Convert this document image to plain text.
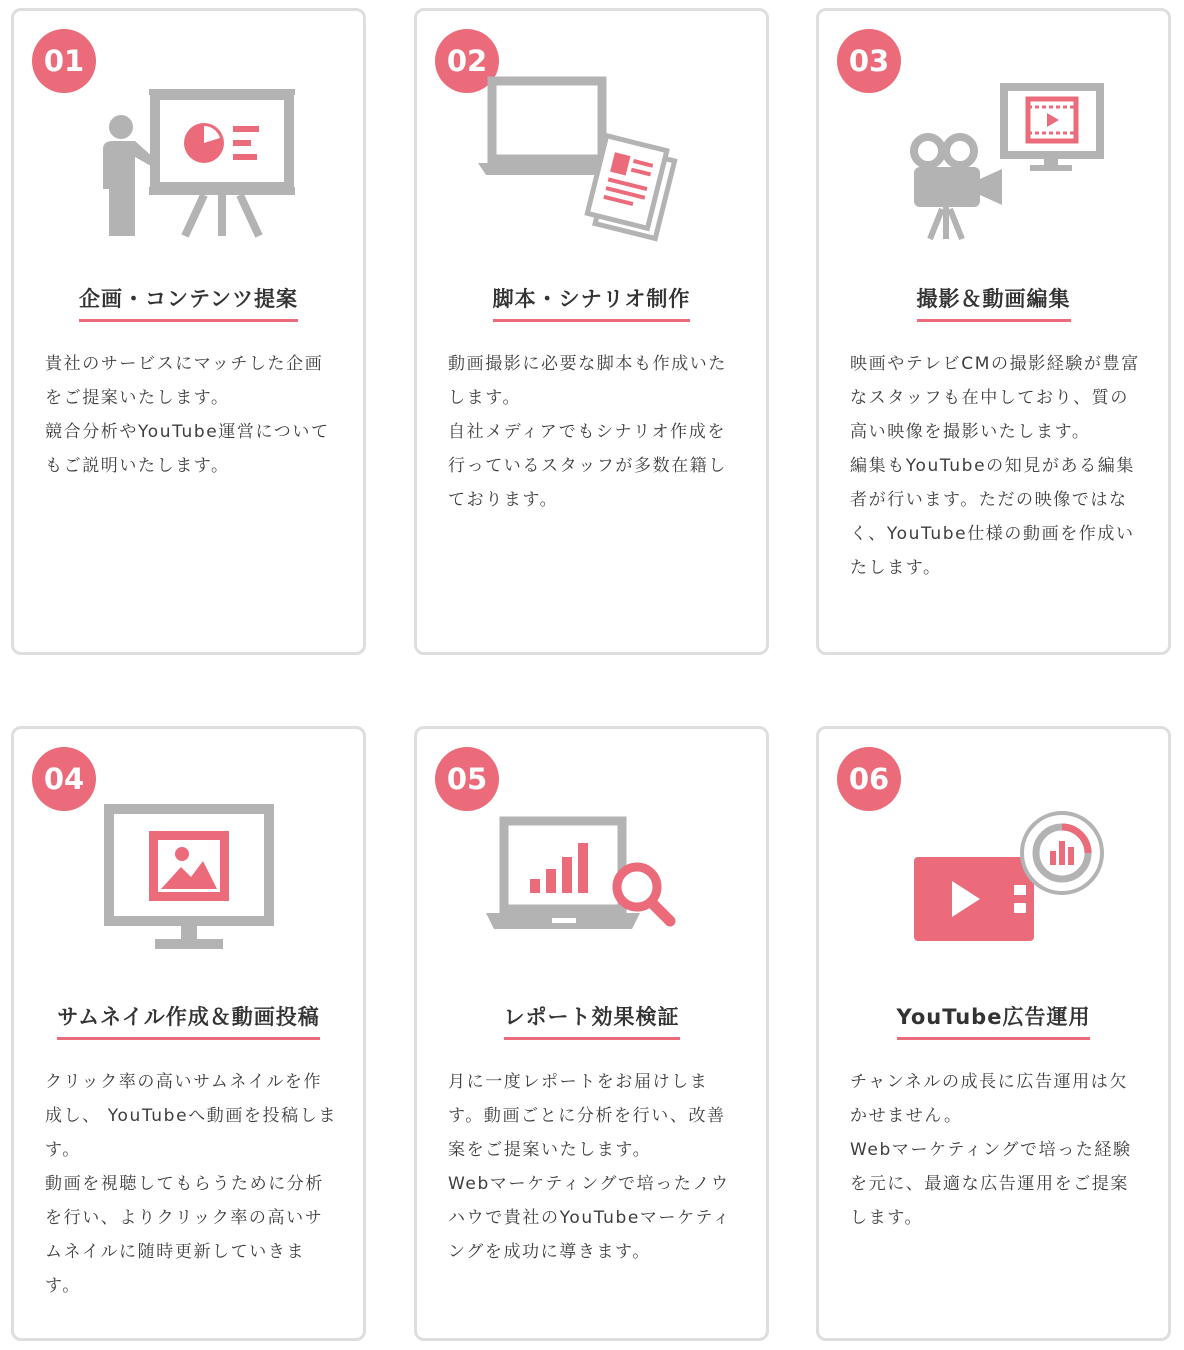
01
企画・コンテンツ提案

貴社のサービスにマッチした企画をご提案いたします。

競合分析やYouTube運営についてもご説明いたします。

02
脚本・シナリオ制作

動画撮影に必要な脚本も作成いたします。

自社メディアでもシナリオ作成を行っているスタッフが多数在籍しております。

03
撮影＆動画編集

映画やテレビCMの撮影経験が豊富なスタッフも在中しており、質の高い映像を撮影いたします。

編集もYouTubeの知見がある編集者が行います。ただの映像ではなく、YouTube仕様の動画を作成いたします。

04
サムネイル作成＆動画投稿

クリック率の高いサムネイルを作成し、 YouTubeへ動画を投稿します。

動画を視聴してもらうために分析を行い、よりクリック率の高いサムネイルに随時更新していきます。

05
レポート効果検証

月に一度レポートをお届けします。動画ごとに分析を行い、改善案をご提案いたします。

Webマーケティングで培ったノウハウで貴社のYouTubeマーケティングを成功に導きます。

06
YouTube広告運用

チャンネルの成長に広告運用は欠かせません。

Webマーケティングで培った経験を元に、最適な広告運用をご提案します。
